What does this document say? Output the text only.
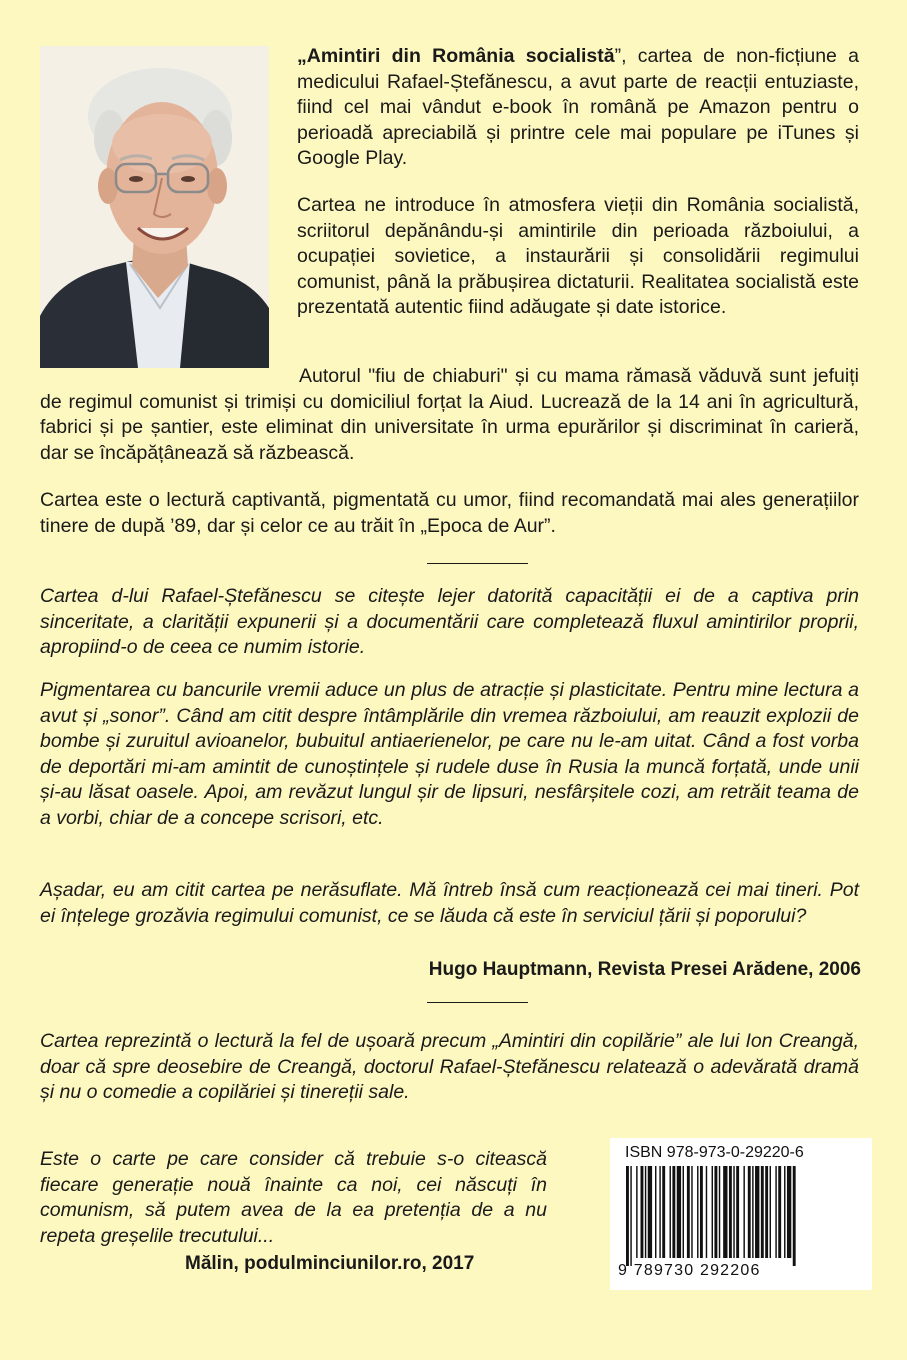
„Amintiri din România socialistă”, cartea de non-ficțiune a medicului Rafael-Ștefănescu, a avut parte de reacții entuziaste, fiind cel mai vândut e-book în română pe Amazon pentru o perioadă apreciabilă și printre cele mai populare pe iTunes și Google Play.

Cartea ne introduce în atmosfera vieții din România socialistă, scriitorul depănându-și amintirile din perioada războiului, a ocupației sovietice, a instaurării și consolidării regimului comunist, până la prăbușirea dictaturii. Realitatea socialistă este prezentată autentic fiind adăugate și date istorice.

Autorul "fiu de chiaburi" și cu mama rămasă văduvă sunt jefuiți de regimul comunist și trimiși cu domiciliul forțat la Aiud. Lucrează de la 14 ani în agricultură, fabrici și pe șantier, este eliminat din universitate în urma epurărilor și discriminat în carieră, dar se încăpățânează să răzbească.

Cartea este o lectură captivantă, pigmentată cu umor, fiind recomandată mai ales generațiilor tinere de după ’89, dar și celor ce au trăit în „Epoca de Aur”.

Cartea d-lui Rafael-Ștefănescu se citește lejer datorită capacității ei de a captiva prin sinceritate, a clarității expunerii și a documentării care completează fluxul amintirilor proprii, apropiind-o de ceea ce numim istorie.

Pigmentarea cu bancurile vremii aduce un plus de atracție și plasticitate. Pentru mine lectura a avut și „sonor”. Când am citit despre întâmplările din vremea războiului, am reauzit explozii de bombe și zuruitul avioanelor, bubuitul antiaerienelor, pe care nu le-am uitat. Când a fost vorba de deportări mi-am amintit de cunoștințele și rudele duse în Rusia la muncă forțată, unde unii și-au lăsat oasele. Apoi, am revăzut lungul șir de lipsuri, nesfârșitele cozi, am retrăit teama de a vorbi, chiar de a concepe scrisori, etc.

Așadar, eu am citit cartea pe nerăsuflate. Mă întreb însă cum reacționează cei mai tineri. Pot ei înțelege grozăvia regimului comunist, ce se lăuda că este în serviciul țării și poporului?

Hugo Hauptmann, Revista Presei Arădene, 2006

Cartea reprezintă o lectură la fel de ușoară precum „Amintiri din copilărie” ale lui Ion Creangă, doar că spre deosebire de Creangă, doctorul Rafael-Ștefănescu relatează o adevărată dramă și nu o comedie a copilăriei și tinereții sale.

Este o carte pe care consider că trebuie s-o citească fiecare generație nouă înainte ca noi, cei născuți în comunism, să putem avea de la ea pretenția de a nu repeta greșelile trecutului...

Mălin, podulminciunilor.ro, 2017
ISBN 978-973-0-29220-6
9 789730 292206
